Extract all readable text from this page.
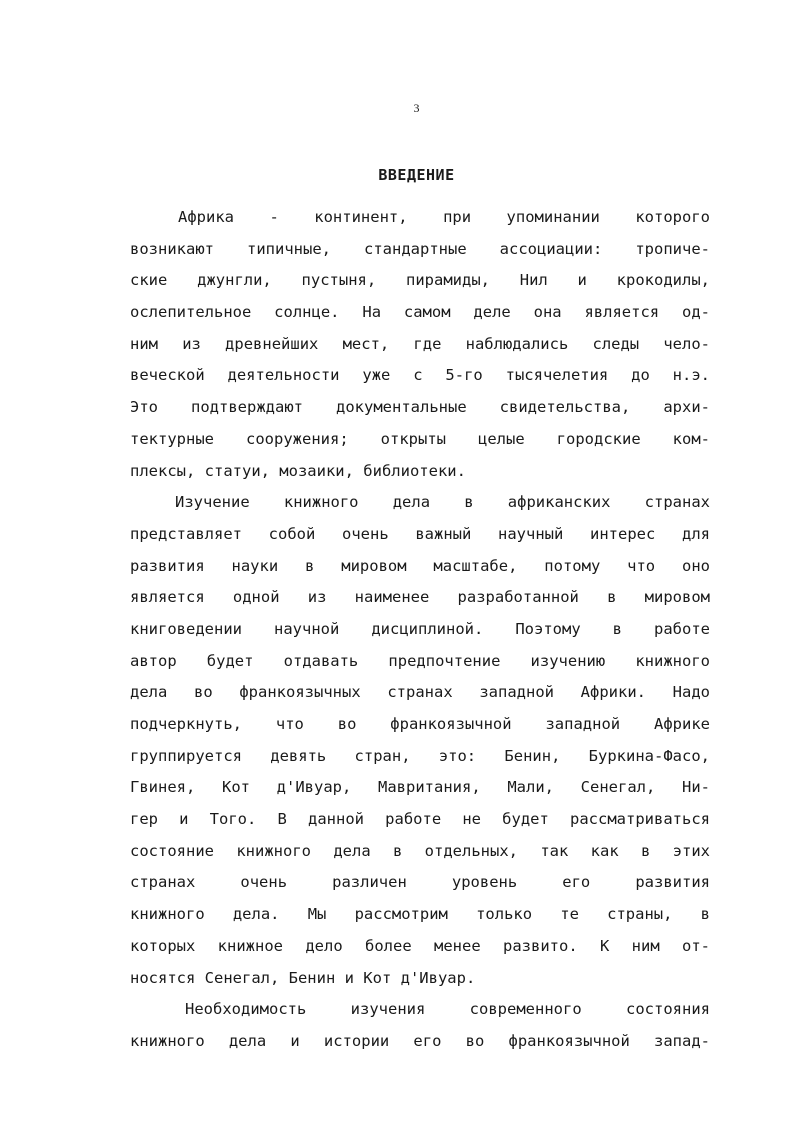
3
ВВЕДЕНИЕ
Африка - континент, при упоминании которого
возникают типичные, стандартные ассоциации: тропиче-
ские джунгли, пустыня, пирамиды, Нил и крокодилы,
ослепительное солнце. На самом деле она является од-
ним из древнейших мест, где наблюдались следы чело-
веческой деятельности уже с 5-го тысячелетия до н.э.
Это подтверждают документальные свидетельства, архи-
тектурные сооружения; открыты целые городские ком-
плексы, статуи, мозаики, библиотеки.
Изучение книжного дела в африканских странах
представляет собой очень важный научный интерес для
развития науки в мировом масштабе, потому что оно
является одной из наименее разработанной в мировом
книговедении научной дисциплиной. Поэтому в работе
автор будет отдавать предпочтение изучению книжного
дела во франкоязычных странах западной Африки. Надо
подчеркнуть, что во франкоязычной западной Африке
группируется девять стран, это: Бенин, Буркина-Фасо,
Гвинея, Кот д'Ивуар, Мавритания, Мали, Сенегал, Ни-
гер и Того. В данной работе не будет рассматриваться
состояние книжного дела в отдельных, так как в этих
странах очень различен уровень его развития
книжного дела. Мы рассмотрим только те страны, в
которых книжное дело более менее развито. К ним от-
носятся Сенегал, Бенин и Кот д'Ивуар.
Необходимость изучения современного состояния
книжного дела и истории его во франкоязычной запад-
